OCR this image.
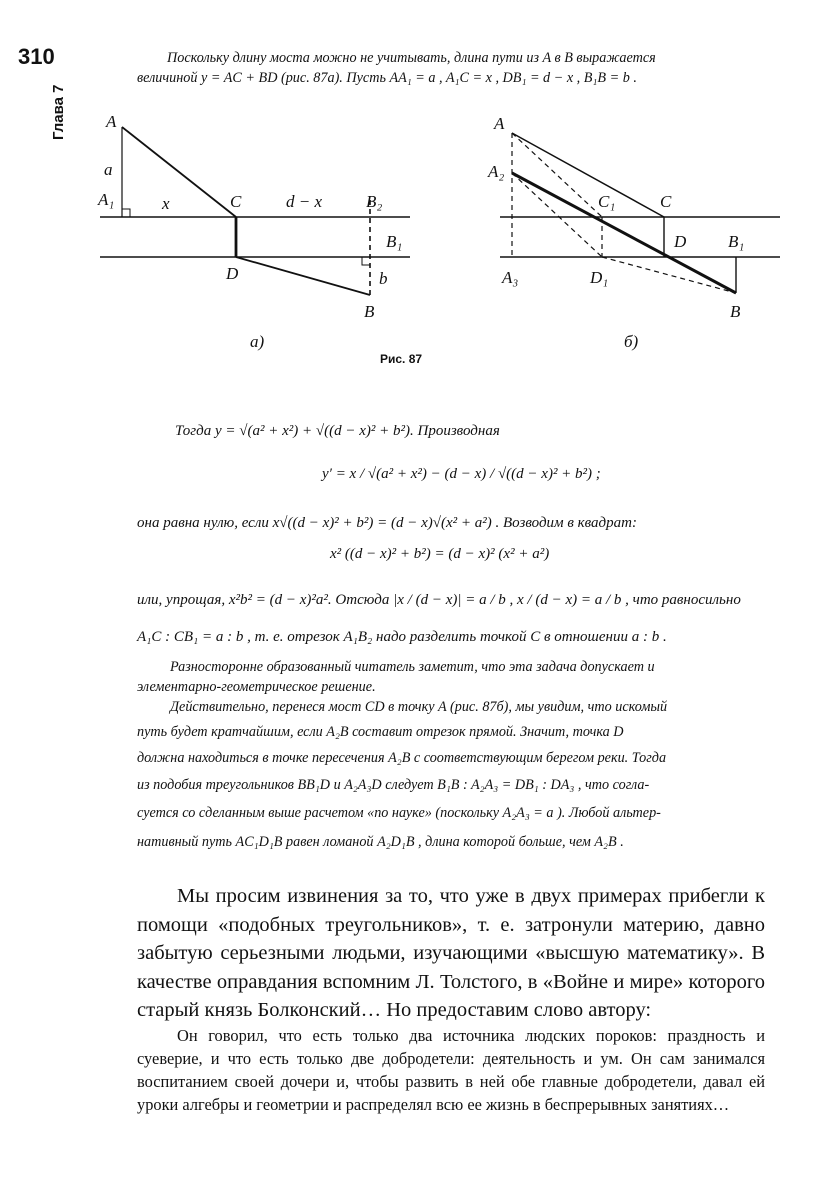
310
Глава 7
Поскольку длину моста можно не учитывать, длина пути из A в B выражается
величиной y = AC + BD (рис. 87а). Пусть AA₁ = a , A₁C = x , DB₁ = d − x , B₁B = b .
A
a
A₁	x	C	d − x	B₂
B₁
D	b
B
A
A₂
C₁	C
D B₁
A₃	D₁
B
а)	б)
Рис. 87
Тогда y = √(a² + x²) + √((d − x)² + b²). Производная
y′ = x / √(a² + x²) − (d − x) / √((d − x)² + b²) ;
она равна нулю, если x√((d − x)² + b²) = (d − x)√(x² + a²) . Возводим в квадрат:
x² ((d − x)² + b²) = (d − x)² (x² + a²)
или, упрощая, x²b² = (d − x)²a². Отсюда |x / (d − x)| = a / b , x / (d − x) = a / b , что равносильно
A₁C : CB₁ = a : b , т. е. отрезок A₁B₂ надо разделить точкой C в отношении a : b .
Разносторонне образованный читатель заметит, что эта задача допускает и
элементарно-геометрическое решение.
Действительно, перенеся мост CD в точку A (рис. 87б), мы увидим, что искомый
путь будет кратчайшим, если A₂B составит отрезок прямой. Значит, точка D
должна находиться в точке пересечения A₂B с соответствующим берегом реки. Тогда
из подобия треугольников BB₁D и A₂A₃D следует B₁B : A₂A₃ = DB₁ : DA₃ , что согла-
суется со сделанным выше расчетом «по науке» (поскольку A₂A₃ = a ). Любой альтер-
нативный путь AC₁D₁B равен ломаной A₂D₁B , длина которой больше, чем A₂B .
Мы просим извинения за то, что уже в двух примерах прибегли к помощи «подобных треугольников», т. е. затронули материю, давно забытую серьезными людьми, изучающими «высшую математику». В качестве оправдания вспомним Л. Толстого, в «Войне и мире» которого старый князь Болконский… Но предоставим слово автору:
Он говорил, что есть только два источника людских пороков: праздность и суеверие, и что есть только две добродетели: деятельность и ум. Он сам занимался воспитанием своей дочери и, чтобы развить в ней обе главные добродетели, давал ей уроки алгебры и геометрии и распределял всю ее жизнь в беспрерывных занятиях…
